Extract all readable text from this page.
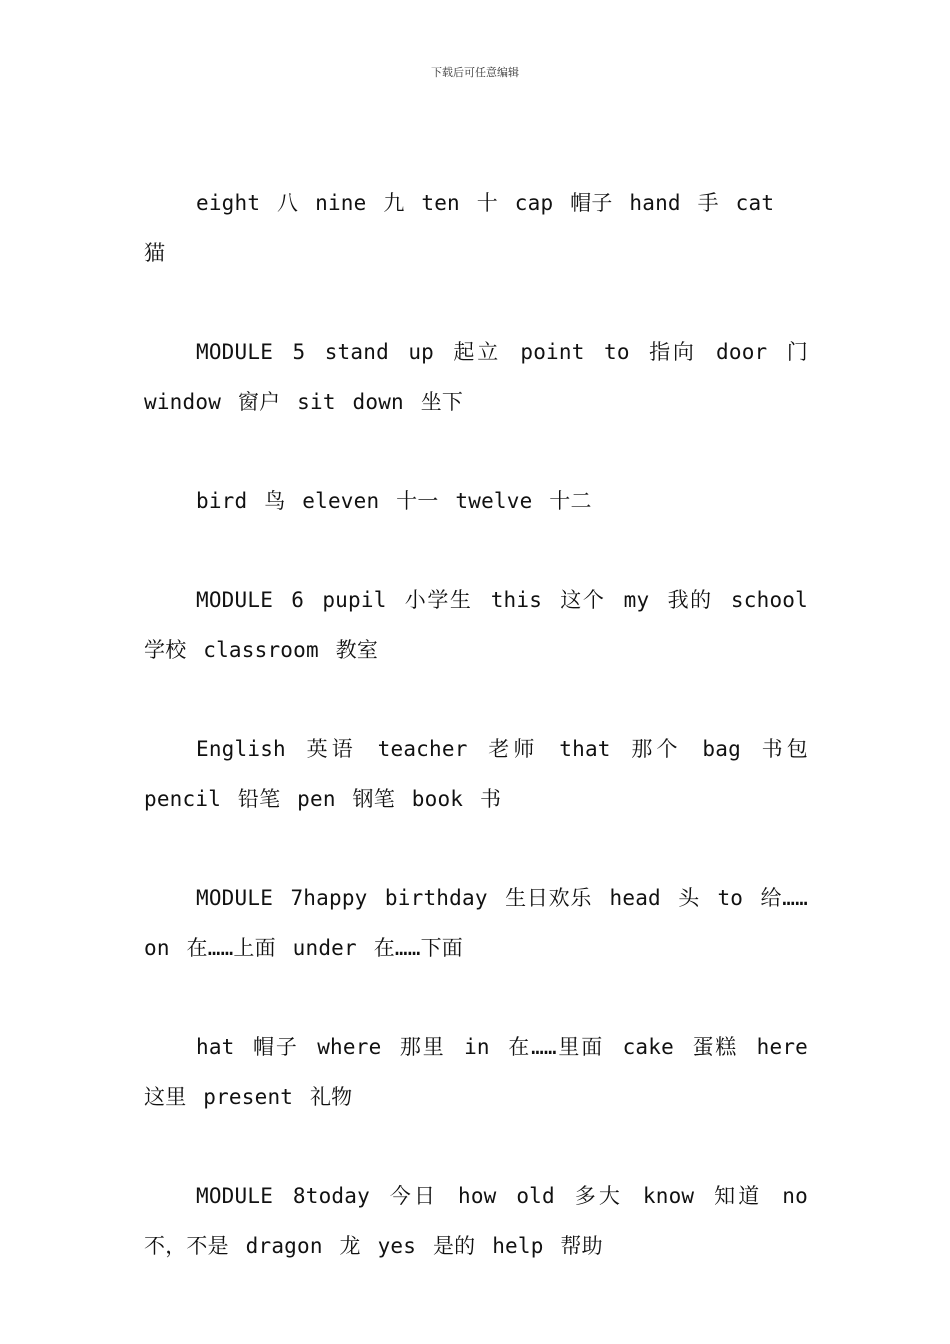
下载后可任意编辑

eight 八 nine 九 ten 十 cap 帽子 hand 手 cat 猫

MODULE 5 stand up 起立 point to 指向 door 门 window 窗户 sit down 坐下

bird 鸟 eleven 十一 twelve 十二

MODULE 6 pupil 小学生 this 这个 my 我的 school 学校 classroom 教室

English 英语 teacher 老师 that 那个 bag 书包 pencil 铅笔 pen 钢笔 book 书

MODULE 7happy birthday 生日欢乐 head 头 to 给…… on 在……上面 under 在……下面

hat 帽子 where 那里 in 在……里面 cake 蛋糕 here 这里 present 礼物

MODULE 8today 今日 how old 多大 know 知道 no 不，不是 dragon 龙 yes 是的 help 帮助
